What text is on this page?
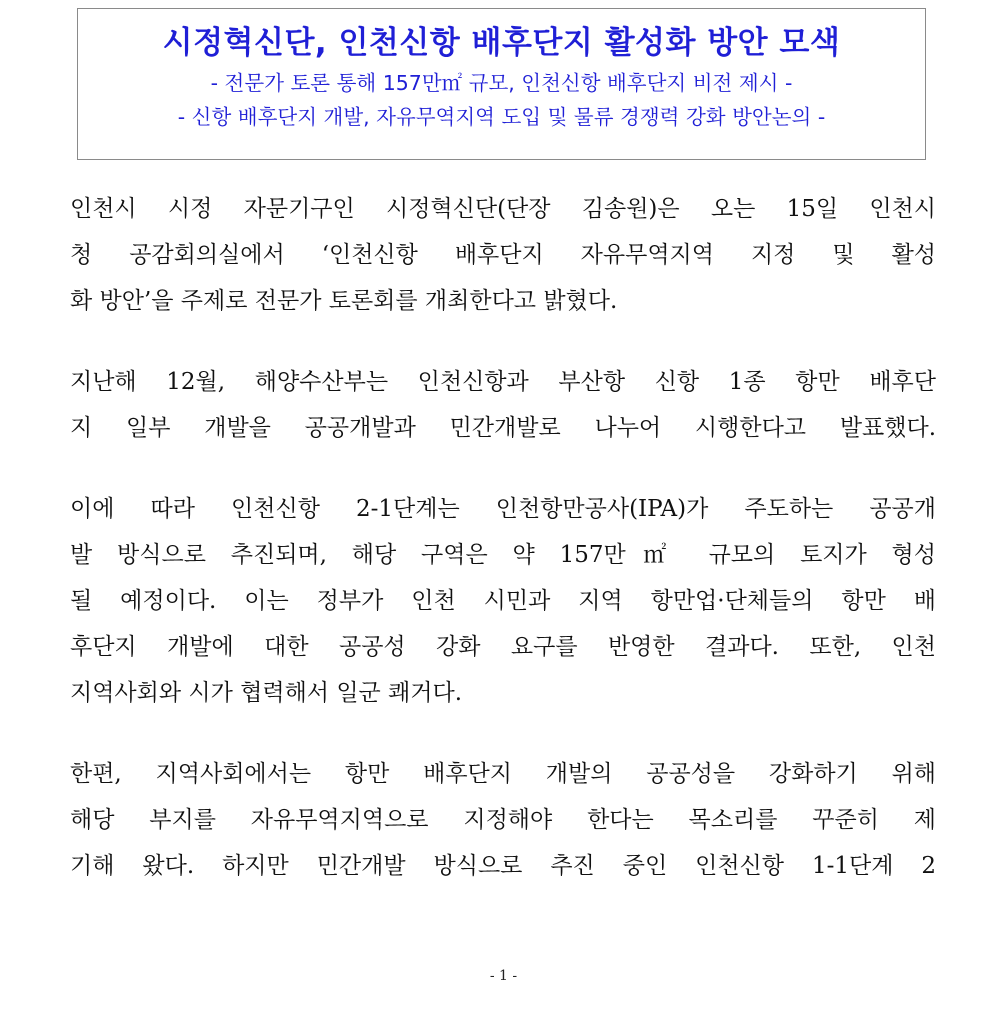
시정혁신단, 인천신항 배후단지 활성화 방안 모색
- 전문가 토론 통해 157만㎡ 규모, 인천신항 배후단지 비전 제시 -
- 신항 배후단지 개발, 자유무역지역 도입 및 물류 경쟁력 강화 방안논의 -
인천시 시정 자문기구인 시정혁신단(단장 김송원)은 오는 15일 인천시
청 공감회의실에서 ‘인천신항 배후단지 자유무역지역 지정 및 활성
화 방안’을 주제로 전문가 토론회를 개최한다고 밝혔다.
지난해 12월, 해양수산부는 인천신항과 부산항 신항 1종 항만 배후단
지 일부 개발을 공공개발과 민간개발로 나누어 시행한다고 발표했다.
이에 따라 인천신항 2-1단계는 인천항만공사(IPA)가 주도하는 공공개
발 방식으로 추진되며, 해당 구역은 약 157만㎡ 규모의 토지가 형성
될 예정이다. 이는 정부가 인천 시민과 지역 항만업·단체들의 항만 배
후단지 개발에 대한 공공성 강화 요구를 반영한 결과다. 또한, 인천
지역사회와 시가 협력해서 일군 쾌거다.
한편, 지역사회에서는 항만 배후단지 개발의 공공성을 강화하기 위해
해당 부지를 자유무역지역으로 지정해야 한다는 목소리를 꾸준히 제
기해 왔다. 하지만 민간개발 방식으로 추진 중인 인천신항 1-1단계 2
- 1 -
